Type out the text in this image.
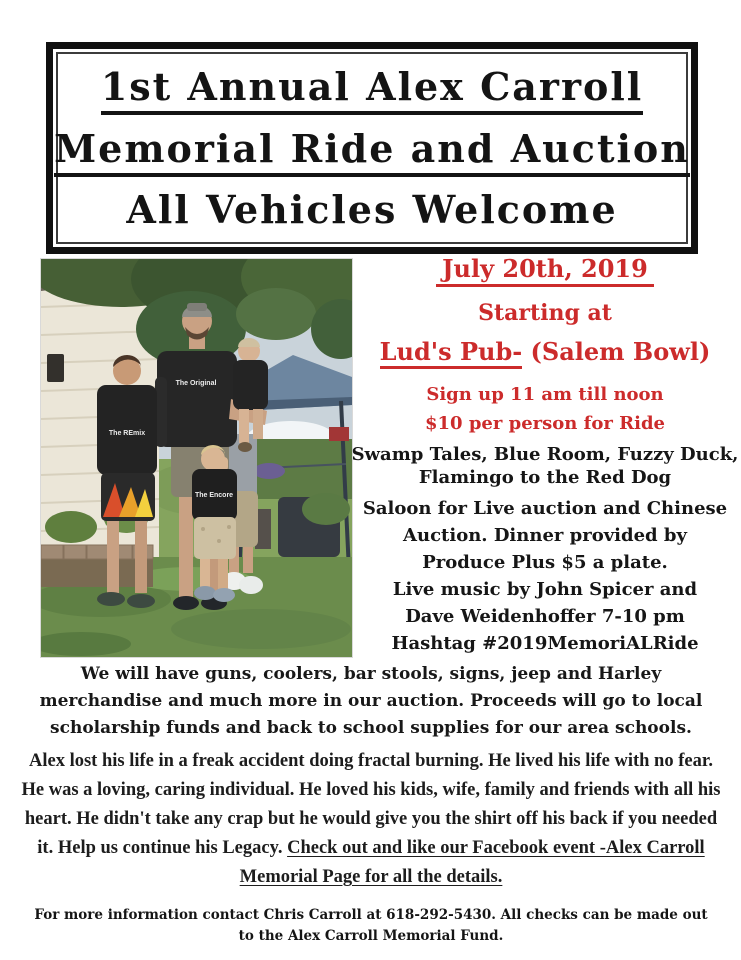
1st Annual Alex Carroll
Memorial Ride and Auction
All Vehicles Welcome
The Original
The REmix
The Encore
July 20th, 2019
Starting at
Lud's Pub- (Salem Bowl)
Sign up 11 am till noon
$10 per person for Ride
Swamp Tales, Blue Room, Fuzzy Duck,
Flamingo to the Red Dog
Saloon for Live auction and Chinese
Auction. Dinner provided by
Produce Plus $5 a plate.
Live music by John Spicer and
Dave Weidenhoffer 7-10 pm
Hashtag #2019MemoriALRide
We will have guns, coolers, bar stools, signs, jeep and Harley merchandise and much more in our auction. Proceeds will go to local scholarship funds and back to school supplies for our area schools.
Alex lost his life in a freak accident doing fractal burning. He lived his life with no fear. He was a loving, caring individual. He loved his kids, wife, family and friends with all his heart. He didn't take any crap but he would give you the shirt off his back if you needed it. Help us continue his Legacy. Check out and like our Facebook event -Alex Carroll Memorial Page for all the details.
For more information contact Chris Carroll at 618-292-5430. All checks can be made out to the Alex Carroll Memorial Fund.
